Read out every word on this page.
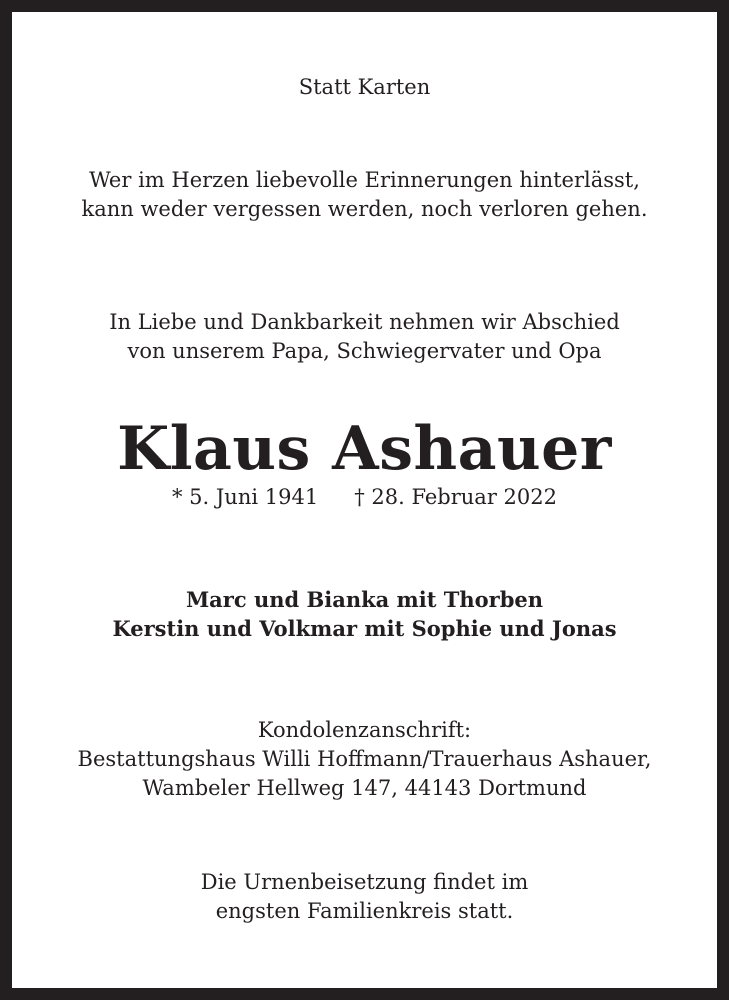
Statt Karten
Wer im Herzen liebevolle Erinnerungen hinterlässt,
kann weder vergessen werden, noch verloren gehen.
In Liebe und Dankbarkeit nehmen wir Abschied
von unserem Papa, Schwiegervater und Opa
Klaus Ashauer
* 5. Juni 1941 † 28. Februar 2022
Marc und Bianka mit Thorben
Kerstin und Volkmar mit Sophie und Jonas
Kondolenzanschrift:
Bestattungshaus Willi Hoffmann/Trauerhaus Ashauer,
Wambeler Hellweg 147, 44143 Dortmund
Die Urnenbeisetzung findet im
engsten Familienkreis statt.
